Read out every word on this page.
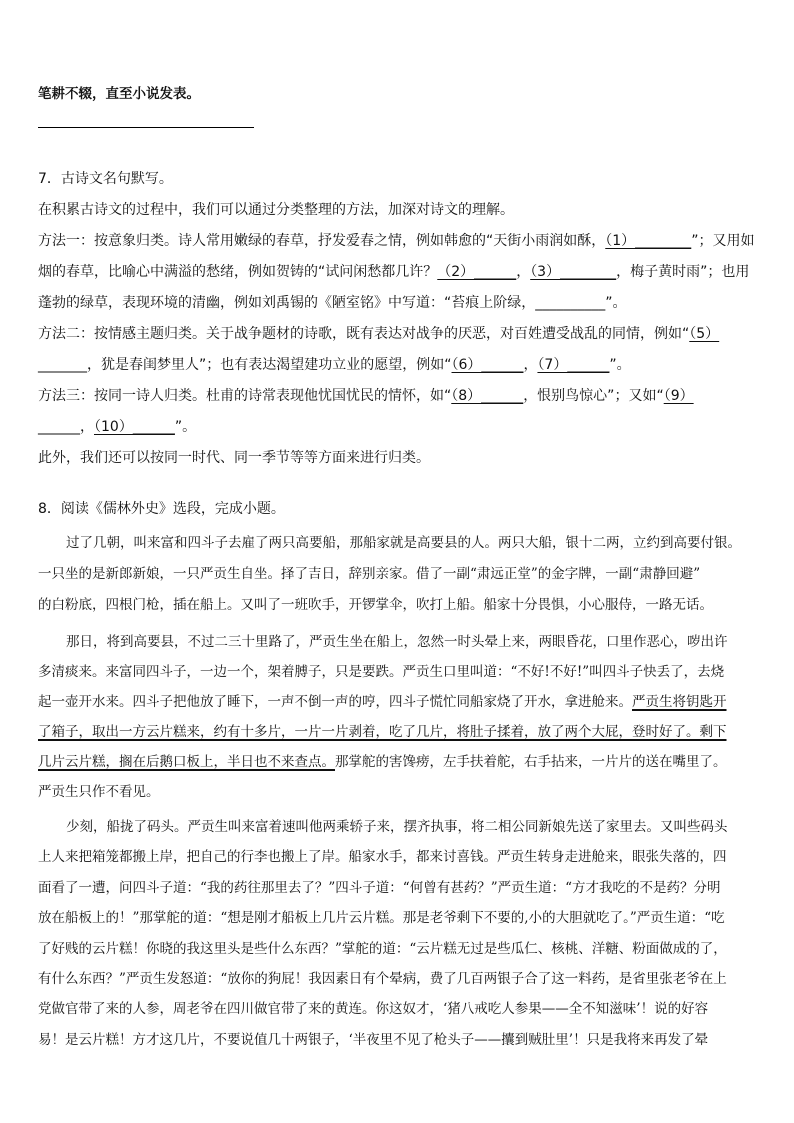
笔耕不辍，直至小说发表。
7．古诗文名句默写。
在积累古诗文的过程中，我们可以通过分类整理的方法，加深对诗文的理解。
方法一：按意象归类。诗人常用嫩绿的春草，抒发爱春之情，例如韩愈的“天街小雨润如酥，（1）________”；又用如
烟的春草，比喻心中满溢的愁绪，例如贺铸的“试问闲愁都几许？（2）______，（3）________，梅子黄时雨”；也用
蓬勃的绿草，表现环境的清幽，例如刘禹锡的《陋室铭》中写道：“苔痕上阶绿，__________”。
方法二：按情感主题归类。关于战争题材的诗歌，既有表达对战争的厌恶，对百姓遭受战乱的同情，例如“（5）
_______，犹是春闺梦里人”；也有表达渴望建功立业的愿望，例如“（6）______，（7）______”。
方法三：按同一诗人归类。杜甫的诗常表现他忧国忧民的情怀，如“（8）______，恨别鸟惊心”；又如“（9）
______，（10）______”。
此外，我们还可以按同一时代、同一季节等等方面来进行归类。
8．阅读《儒林外史》选段，完成小题。
过了几朝，叫来富和四斗子去雇了两只高要船，那船家就是高要县的人。两只大船，银十二两，立约到高要付银。
一只坐的是新郎新娘，一只严贡生自坐。择了吉日，辞别亲家。借了一副“肃远正堂”的金字牌，一副“肃静回避”
的白粉底，四根门枪，插在船上。又叫了一班吹手，开锣掌伞，吹打上船。船家十分畏惧，小心服侍，一路无话。
那日，将到高要县，不过二三十里路了，严贡生坐在船上，忽然一时头晕上来，两眼昏花，口里作恶心，哕出许
多清痰来。来富同四斗子，一边一个，架着膊子，只是要跌。严贡生口里叫道：“不好!不好!”叫四斗子快丢了，去烧
起一壶开水来。四斗子把他放了睡下，一声不倒一声的哼，四斗子慌忙同船家烧了开水，拿进舱来。严贡生将钥匙开
了箱子，取出一方云片糕来，约有十多片，一片一片剥着，吃了几片，将肚子揉着，放了两个大屁，登时好了。剩下
几片云片糕，搁在后鹅口板上，半日也不来查点。那掌舵的害馋痨，左手扶着舵，右手拈来，一片片的送在嘴里了。
严贡生只作不看见。
少刻，船拢了码头。严贡生叫来富着速叫他两乘轿子来，摆齐执事，将二相公同新娘先送了家里去。又叫些码头
上人来把箱笼都搬上岸，把自己的行李也搬上了岸。船家水手，都来讨喜钱。严贡生转身走进舱来，眼张失落的，四
面看了一遭，问四斗子道：“我的药往那里去了？”四斗子道：“何曾有甚药？”严贡生道：“方才我吃的不是药？分明
放在船板上的！”那掌舵的道：“想是刚才船板上几片云片糕。那是老爷剩下不要的,小的大胆就吃了。”严贡生道：“吃
了好贱的云片糕！你晓的我这里头是些什么东西？”掌舵的道：“云片糕无过是些瓜仁、核桃、洋糖、粉面做成的了，
有什么东西？”严贡生发怒道：“放你的狗屁！我因素日有个晕病，费了几百两银子合了这一料药，是省里张老爷在上
党做官带了来的人参，周老爷在四川做官带了来的黄连。你这奴才，‘猪八戒吃人参果——全不知滋味’！说的好容
易！是云片糕！方才这几片，不要说值几十两银子，‘半夜里不见了枪头子——攮到贼肚里’！只是我将来再发了晕
